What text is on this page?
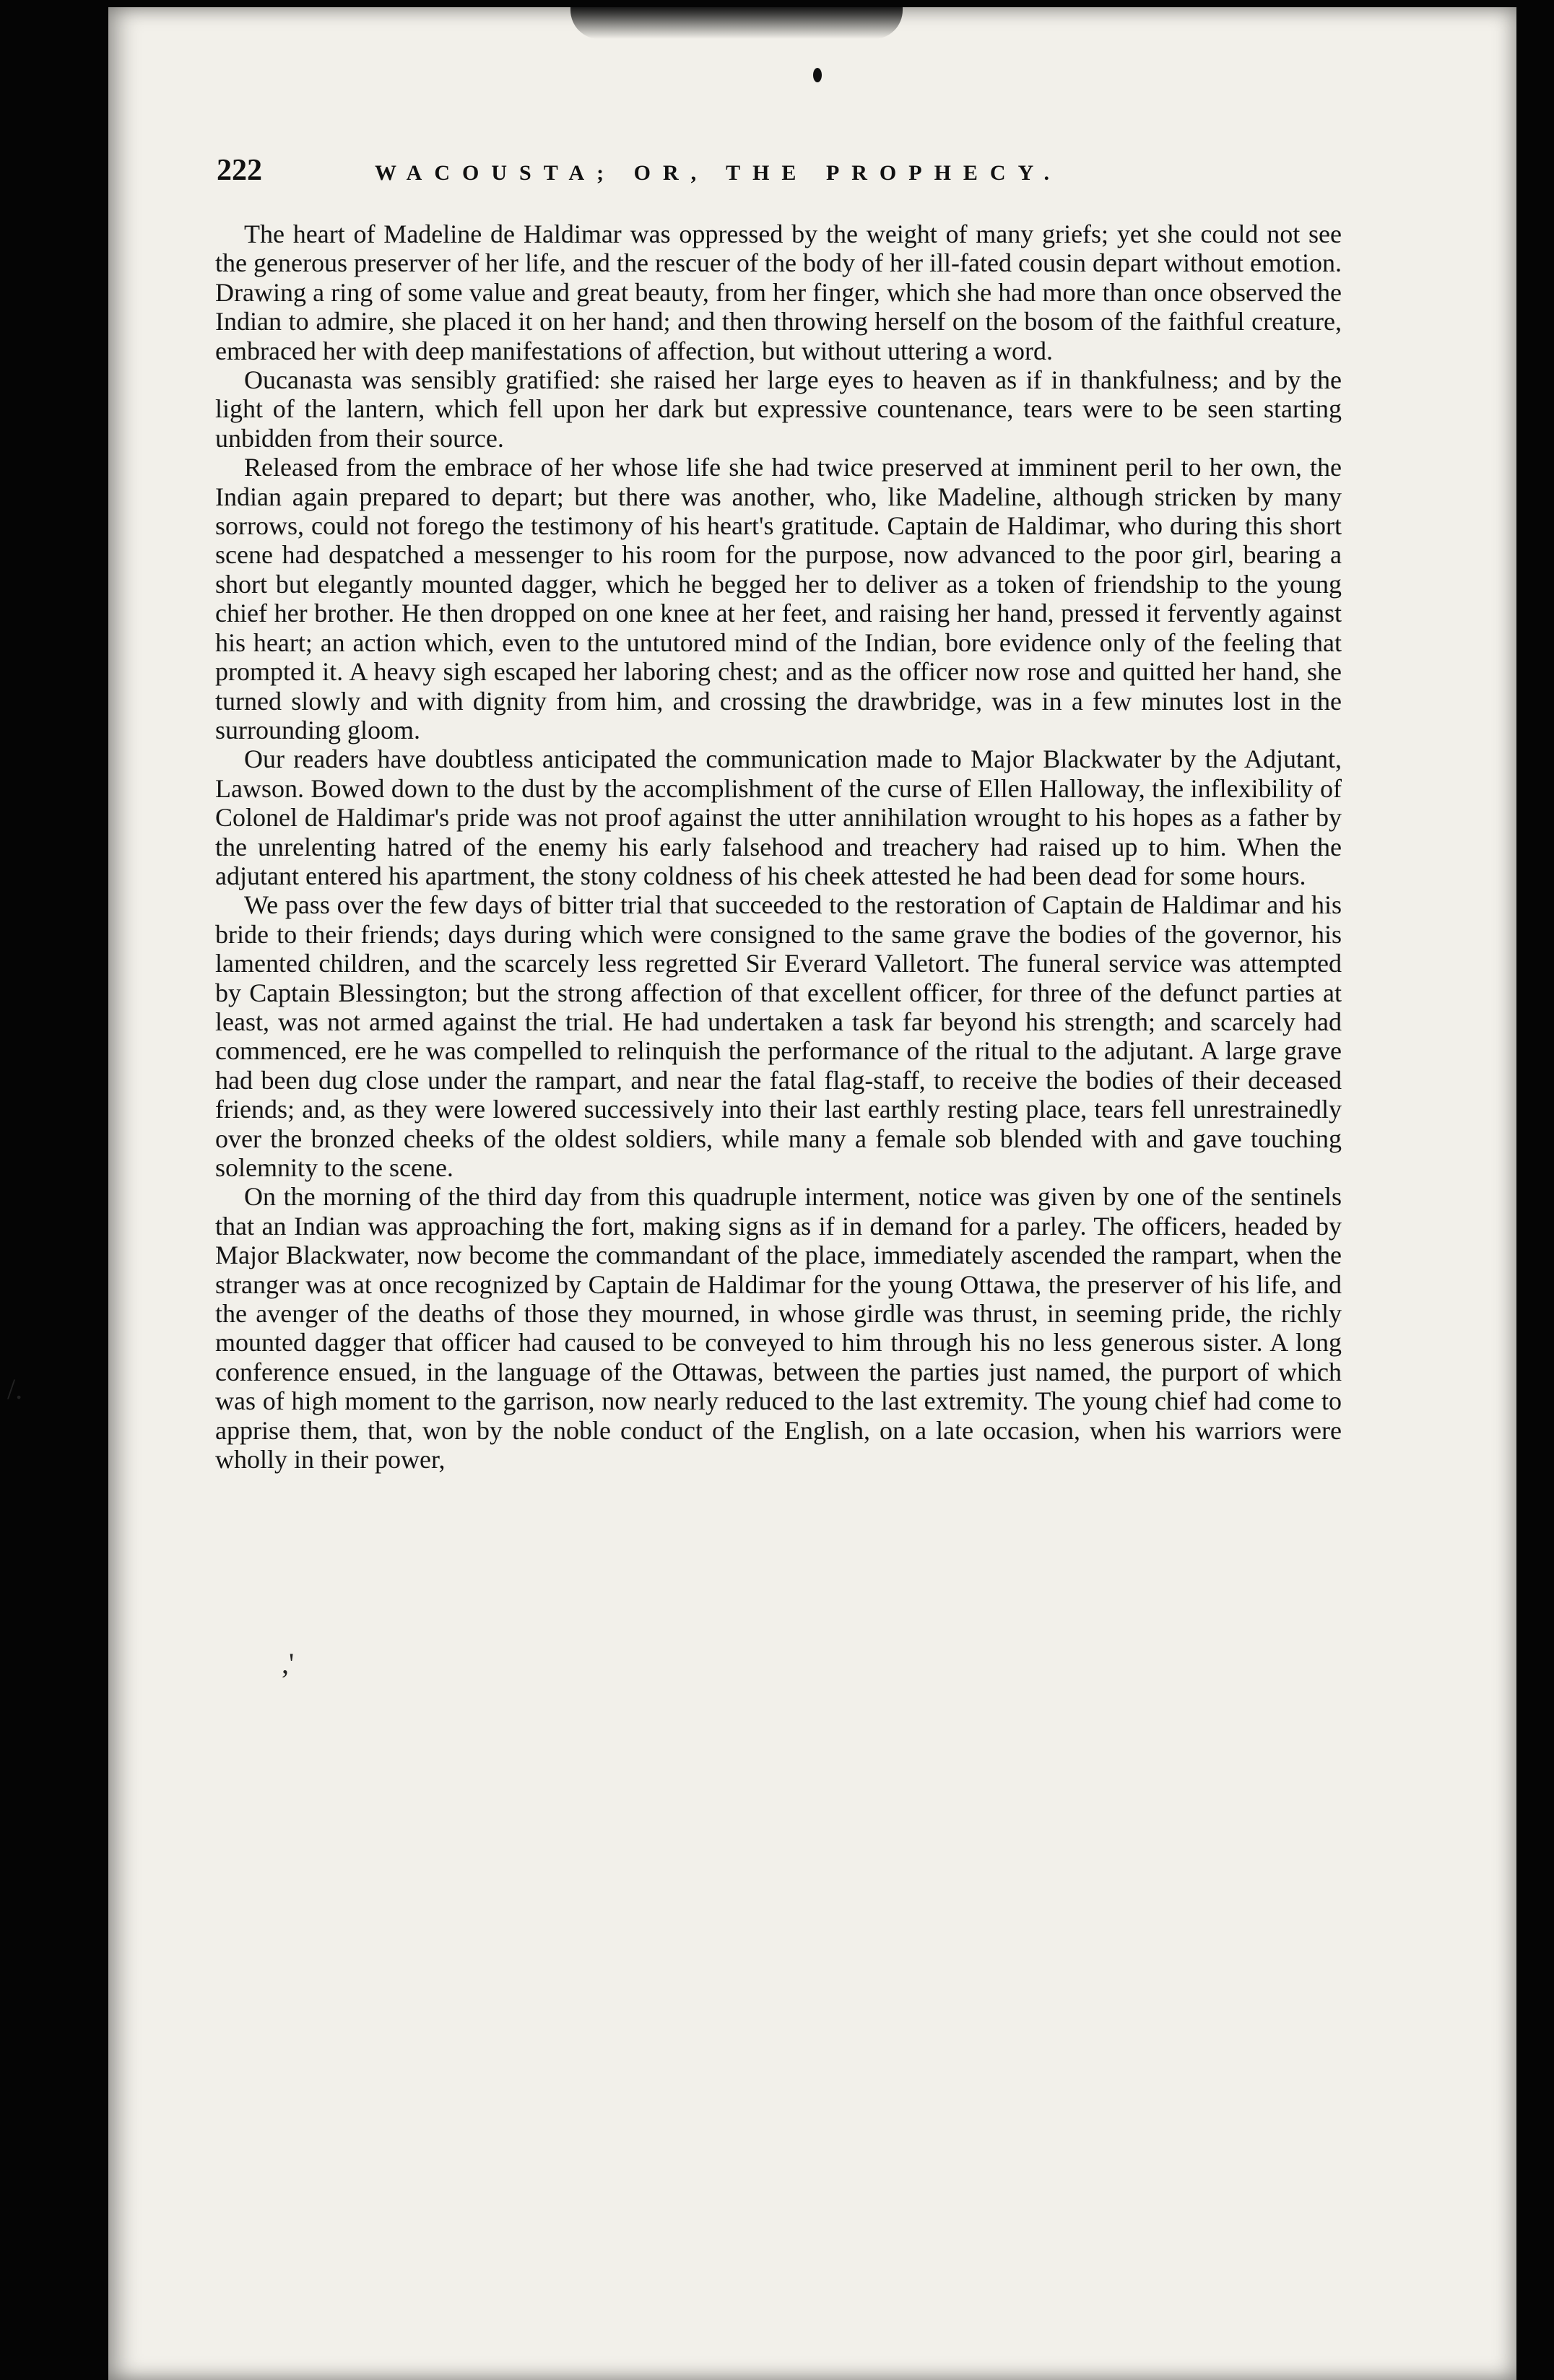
222	WACOUSTA; OR, THE PROPHECY.

The heart of Madeline de Haldimar was oppressed by the weight of many griefs; yet she could not see the generous preserver of her life, and the rescuer of the body of her ill-fated cousin depart without emotion. Drawing a ring of some value and great beauty, from her finger, which she had more than once observed the Indian to admire, she placed it on her hand; and then throwing herself on the bosom of the faithful creature, embraced her with deep manifestations of affection, but without uttering a word.

Oucanasta was sensibly gratified: she raised her large eyes to heaven as if in thankfulness; and by the light of the lantern, which fell upon her dark but expressive countenance, tears were to be seen starting unbidden from their source.

Released from the embrace of her whose life she had twice preserved at imminent peril to her own, the Indian again prepared to depart; but there was another, who, like Madeline, although stricken by many sorrows, could not forego the testimony of his heart's gratitude. Captain de Haldimar, who during this short scene had despatched a messenger to his room for the purpose, now advanced to the poor girl, bearing a short but elegantly mounted dagger, which he begged her to deliver as a token of friendship to the young chief her brother. He then dropped on one knee at her feet, and raising her hand, pressed it fervently against his heart; an action which, even to the untutored mind of the Indian, bore evidence only of the feeling that prompted it. A heavy sigh escaped her laboring chest; and as the officer now rose and quitted her hand, she turned slowly and with dignity from him, and crossing the drawbridge, was in a few minutes lost in the surrounding gloom.

Our readers have doubtless anticipated the communication made to Major Blackwater by the Adjutant, Lawson. Bowed down to the dust by the accomplishment of the curse of Ellen Halloway, the inflexibility of Colonel de Haldimar's pride was not proof against the utter annihilation wrought to his hopes as a father by the unrelenting hatred of the enemy his early falsehood and treachery had raised up to him. When the adjutant entered his apartment, the stony coldness of his cheek attested he had been dead for some hours.

We pass over the few days of bitter trial that succeeded to the restoration of Captain de Haldimar and his bride to their friends; days during which were consigned to the same grave the bodies of the governor, his lamented children, and the scarcely less regretted Sir Everard Valletort. The funeral service was attempted by Captain Blessington; but the strong affection of that excellent officer, for three of the defunct parties at least, was not armed against the trial. He had undertaken a task far beyond his strength; and scarcely had commenced, ere he was compelled to relinquish the performance of the ritual to the adjutant. A large grave had been dug close under the rampart, and near the fatal flag-staff, to receive the bodies of their deceased friends; and, as they were lowered successively into their last earthly resting place, tears fell unrestrainedly over the bronzed cheeks of the oldest soldiers, while many a female sob blended with and gave touching solemnity to the scene.

On the morning of the third day from this quadruple interment, notice was given by one of the sentinels that an Indian was approaching the fort, making signs as if in demand for a parley. The officers, headed by Major Blackwater, now become the commandant of the place, immediately ascended the rampart, when the stranger was at once recognized by Captain de Haldimar for the young Ottawa, the preserver of his life, and the avenger of the deaths of those they mourned, in whose girdle was thrust, in seeming pride, the richly mounted dagger that officer had caused to be conveyed to him through his no less generous sister. A long conference ensued, in the language of the Ottawas, between the parties just named, the purport of which was of high moment to the garrison, now nearly reduced to the last extremity. The young chief had come to apprise them, that, won by the noble conduct of the English, on a late occasion, when his warriors were wholly in their power,

/.
,'
